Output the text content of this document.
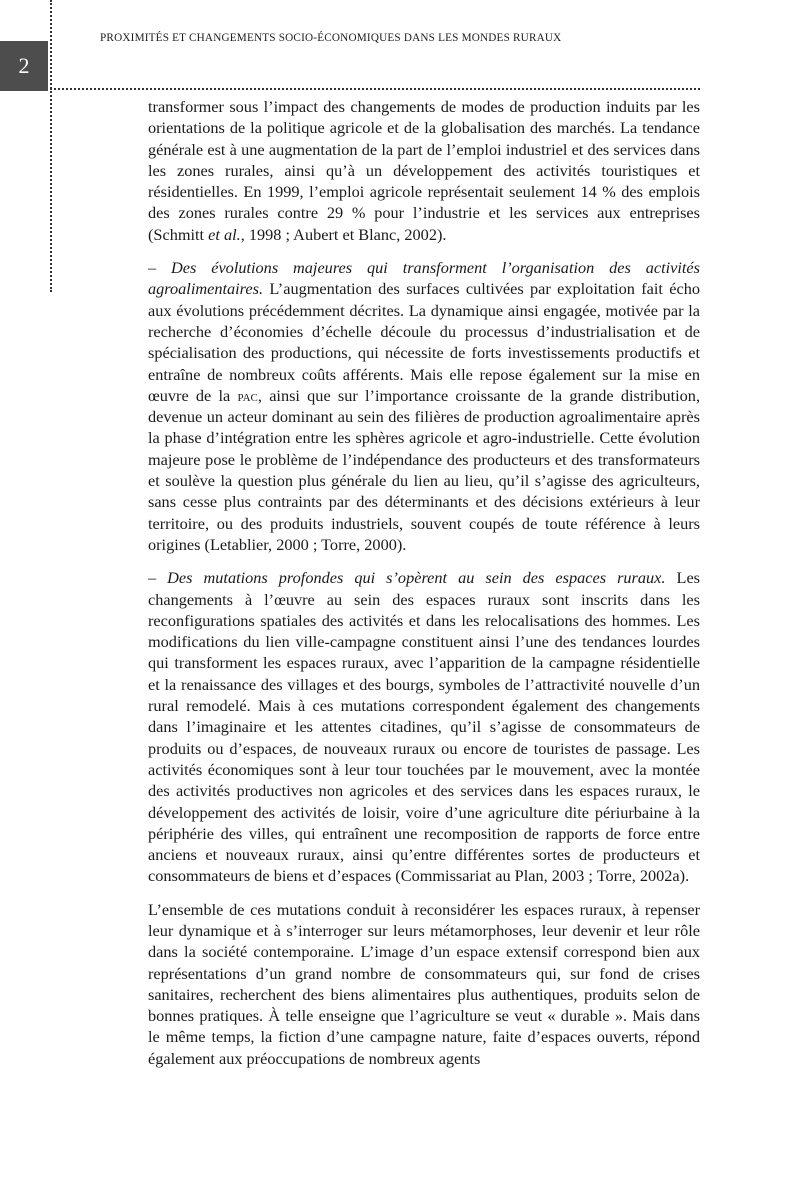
2
PROXIMITÉS ET CHANGEMENTS SOCIO-ÉCONOMIQUES DANS LES MONDES RURAUX

transformer sous l’impact des changements de modes de production induits par les orientations de la politique agricole et de la globalisation des marchés. La tendance générale est à une augmentation de la part de l’emploi industriel et des services dans les zones rurales, ainsi qu’à un développement des activités touristiques et résidentielles. En 1999, l’emploi agricole représentait seulement 14 % des emplois des zones rurales contre 29 % pour l’industrie et les services aux entreprises (Schmitt et al., 1998 ; Aubert et Blanc, 2002).

– Des évolutions majeures qui transforment l’organisation des activités agroalimentaires. L’augmentation des surfaces cultivées par exploitation fait écho aux évolutions précédemment décrites. La dynamique ainsi engagée, motivée par la recherche d’économies d’échelle découle du processus d’industrialisation et de spécialisation des productions, qui nécessite de forts investissements productifs et entraîne de nombreux coûts afférents. Mais elle repose également sur la mise en œuvre de la pac, ainsi que sur l’importance croissante de la grande distribution, devenue un acteur dominant au sein des filières de production agroalimentaire après la phase d’intégration entre les sphères agricole et agro-industrielle. Cette évolution majeure pose le problème de l’indépendance des producteurs et des transformateurs et soulève la question plus générale du lien au lieu, qu’il s’agisse des agriculteurs, sans cesse plus contraints par des déterminants et des décisions extérieurs à leur territoire, ou des produits industriels, souvent coupés de toute référence à leurs origines (Letablier, 2000 ; Torre, 2000).

– Des mutations profondes qui s’opèrent au sein des espaces ruraux. Les changements à l’œuvre au sein des espaces ruraux sont inscrits dans les reconfigurations spatiales des activités et dans les relocalisations des hommes. Les modifications du lien ville-campagne constituent ainsi l’une des tendances lourdes qui transforment les espaces ruraux, avec l’apparition de la campagne résidentielle et la renaissance des villages et des bourgs, symboles de l’attractivité nouvelle d’un rural remodelé. Mais à ces mutations correspondent également des changements dans l’imaginaire et les attentes citadines, qu’il s’agisse de consommateurs de produits ou d’espaces, de nouveaux ruraux ou encore de touristes de passage. Les activités économiques sont à leur tour touchées par le mouvement, avec la montée des activités productives non agricoles et des services dans les espaces ruraux, le développement des activités de loisir, voire d’une agriculture dite périurbaine à la périphérie des villes, qui entraînent une recomposition de rapports de force entre anciens et nouveaux ruraux, ainsi qu’entre différentes sortes de producteurs et consommateurs de biens et d’espaces (Commissariat au Plan, 2003 ; Torre, 2002a).

L’ensemble de ces mutations conduit à reconsidérer les espaces ruraux, à repenser leur dynamique et à s’interroger sur leurs métamorphoses, leur devenir et leur rôle dans la société contemporaine. L’image d’un espace extensif correspond bien aux représentations d’un grand nombre de consommateurs qui, sur fond de crises sanitaires, recherchent des biens alimentaires plus authentiques, produits selon de bonnes pratiques. À telle enseigne que l’agriculture se veut « durable ». Mais dans le même temps, la fiction d’une campagne nature, faite d’espaces ouverts, répond également aux préoccupations de nombreux agents
